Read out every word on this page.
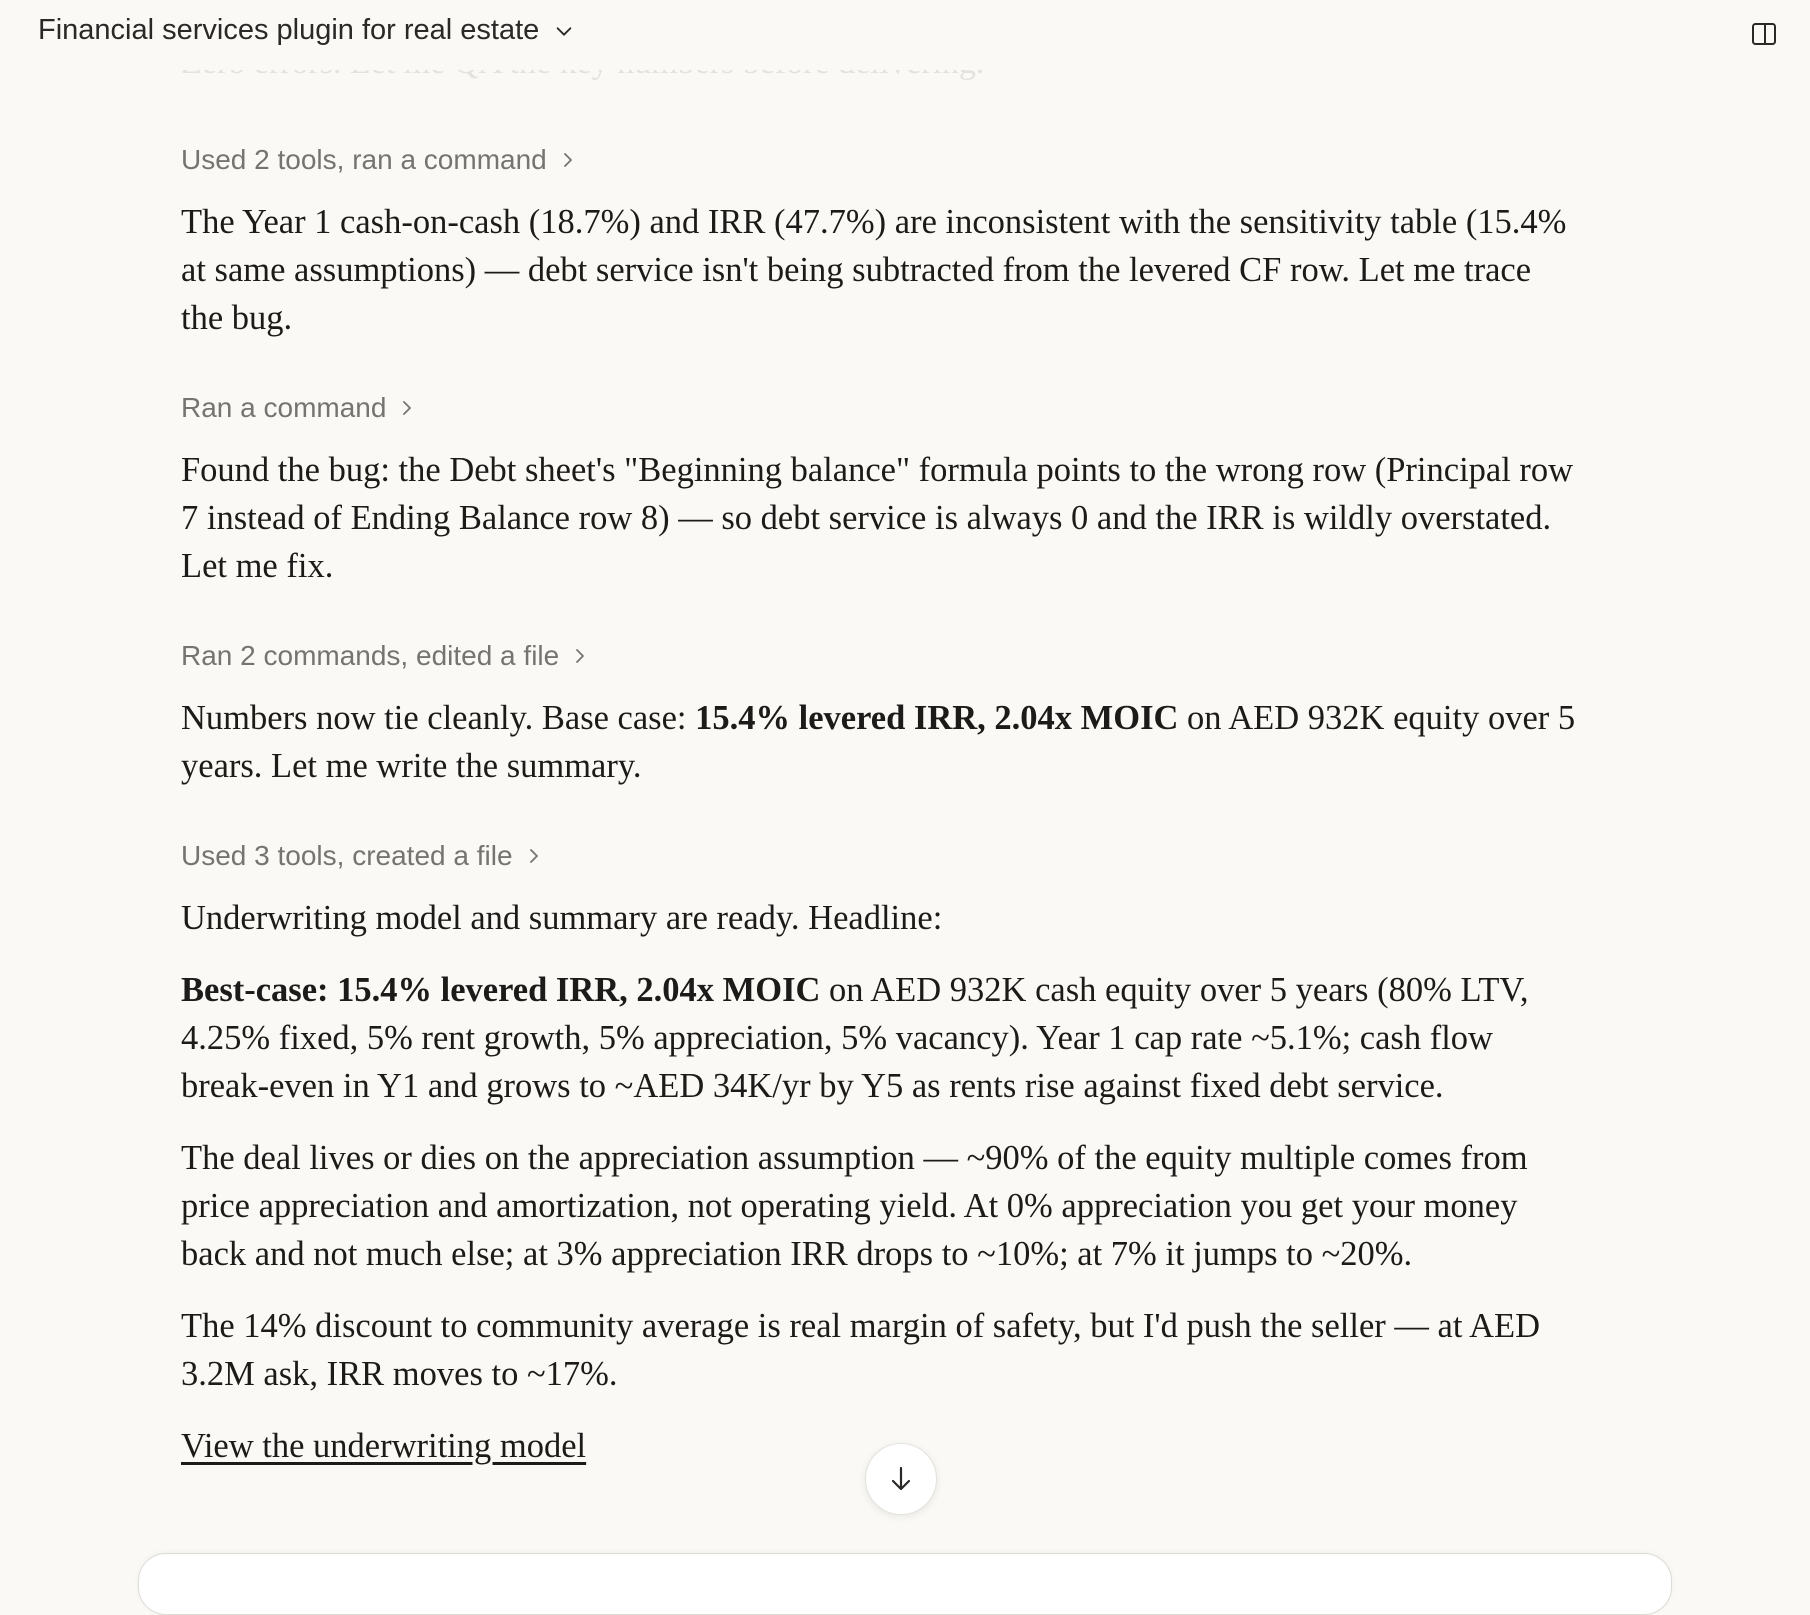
Financial services plugin for real estate
Used 2 tools, ran a command

The Year 1 cash-on-cash (18.7%) and IRR (47.7%) are inconsistent with the sensitivity table (15.4% at same assumptions) — debt service isn't being subtracted from the levered CF row. Let me trace the bug.

Ran a command

Found the bug: the Debt sheet's "Beginning balance" formula points to the wrong row (Principal row 7 instead of Ending Balance row 8) — so debt service is always 0 and the IRR is wildly overstated. Let me fix.

Ran 2 commands, edited a file

Numbers now tie cleanly. Base case: 15.4% levered IRR, 2.04x MOIC on AED 932K equity over 5 years. Let me write the summary.

Used 3 tools, created a file

Underwriting model and summary are ready. Headline:

Best-case: 15.4% levered IRR, 2.04x MOIC on AED 932K cash equity over 5 years (80% LTV, 4.25% fixed, 5% rent growth, 5% appreciation, 5% vacancy). Year 1 cap rate ~5.1%; cash flow break-even in Y1 and grows to ~AED 34K/yr by Y5 as rents rise against fixed debt service.

The deal lives or dies on the appreciation assumption — ~90% of the equity multiple comes from price appreciation and amortization, not operating yield. At 0% appreciation you get your money back and not much else; at 3% appreciation IRR drops to ~10%; at 7% it jumps to ~20%.

The 14% discount to community average is real margin of safety, but I'd push the seller — at AED 3.2M ask, IRR moves to ~17%.

View the underwriting model
